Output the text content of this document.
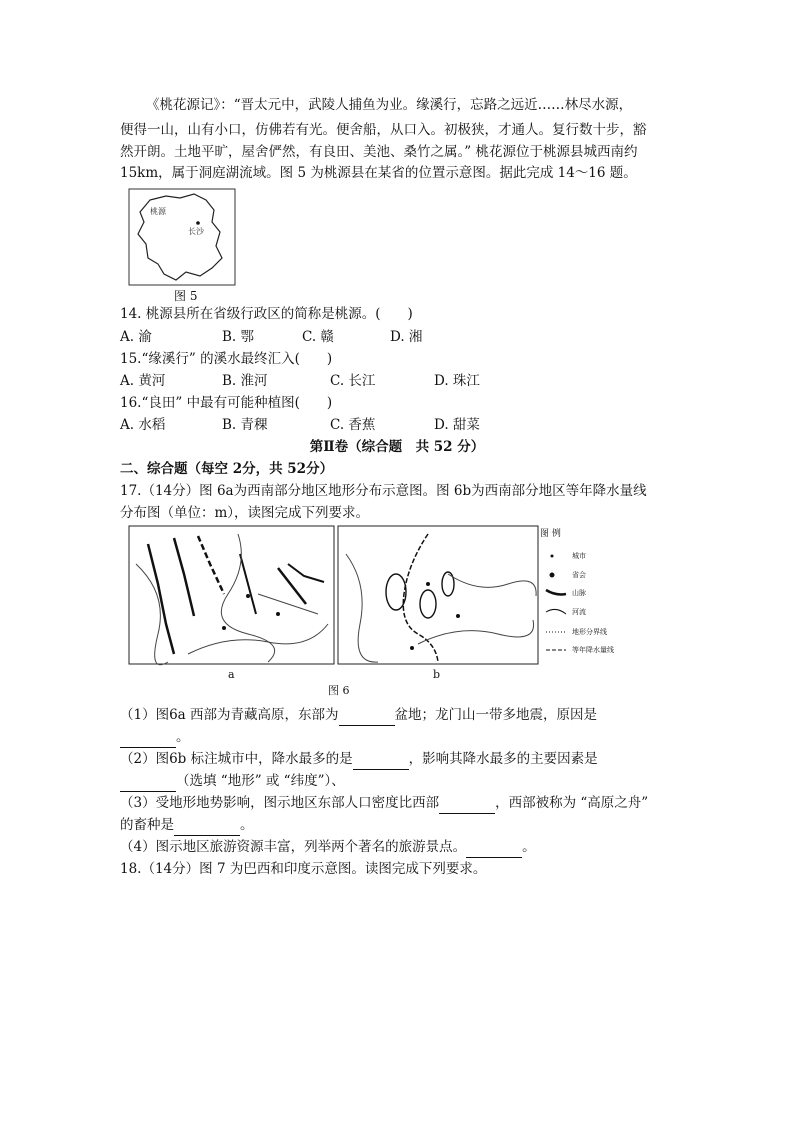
《桃花源记》：“晋太元中，武陵人捕鱼为业。缘溪行，忘路之远近……林尽水源，
便得一山，山有小口，仿佛若有光。便舍船，从口入。初极狭，才通人。复行数十步，豁
然开朗。土地平旷，屋舍俨然，有良田、美池、桑竹之属。” 桃花源位于桃源县城西南约
15km，属于洞庭湖流域。图 5 为桃源县在某省的位置示意图。据此完成 14～16 题。
桃源
长沙
图 5
14. 桃源县所在省级行政区的简称是桃源。(　　)
A. 渝	B. 鄂	C. 赣	D. 湘
15.“缘溪行” 的溪水最终汇入(　　)
A. 黄河	B. 淮河	C. 长江	D. 珠江
16.“良田” 中最有可能种植图(　　)
A. 水稻	B. 青稞	C. 香蕉	D. 甜菜
第Ⅱ卷（综合题　共 52 分）
二、综合题（每空 2分，共 52分）
17.（14分）图 6a为西南部分地区地形分布示意图。图 6b为西南部分地区等年降水量线
分布图（单位：m），读图完成下列要求。
图 例
城市
省会
山脉
河流
地形分界线
等年降水量线
a	b
图 6
（1）图6a 西部为青藏高原，东部为	盆地；龙门山一带多地震，原因是
。
（2）图6b 标注城市中，降水最多的是	，影响其降水最多的主要因素是
（选填 “地形” 或 “纬度”）、
（3）受地形地势影响，图示地区东部人口密度比西部	，西部被称为 “高原之舟”
的畜种是	。
（4）图示地区旅游资源丰富，列举两个著名的旅游景点。	。
18.（14分）图 7 为巴西和印度示意图。读图完成下列要求。
